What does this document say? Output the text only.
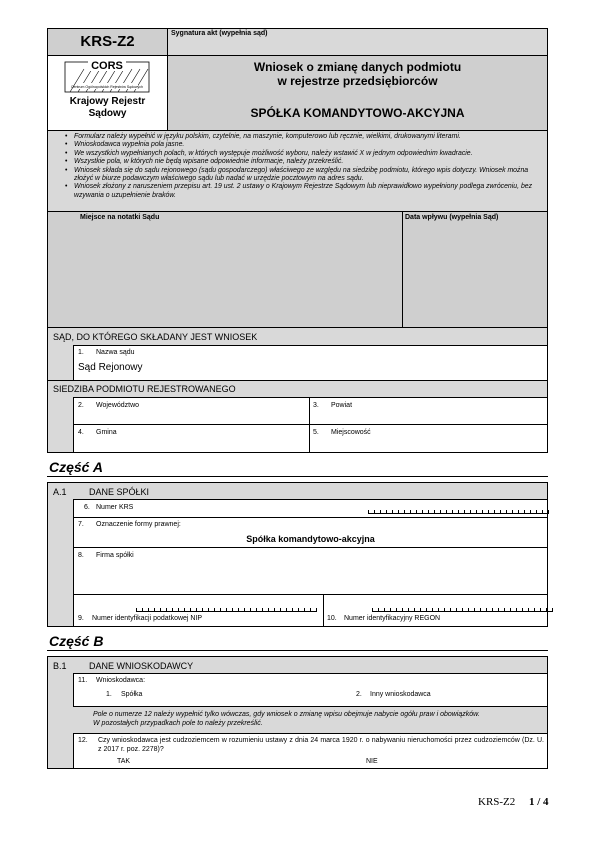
KRS-Z2
CORS
Centrum Ogólnopolskich Rejestrów Sądowych
Krajowy Rejestr
Sądowy
Sygnatura akt (wypełnia sąd)
Wniosek o zmianę danych podmiotu
w rejestrze przedsiębiorców
SPÓŁKA KOMANDYTOWO-AKCYJNA
• Formularz należy wypełnić w języku polskim, czytelnie, na maszynie, komputerowo lub ręcznie, wielkimi, drukowanymi literami.
• Wnioskodawca wypełnia pola jasne.
• We wszystkich wypełnianych polach, w których występuje możliwość wyboru, należy wstawić X w jednym odpowiednim kwadracie.
• Wszystkie pola, w których nie będą wpisane odpowiednie informacje, należy przekreślić.
• Wniosek składa się do sądu rejonowego (sądu gospodarczego) właściwego ze względu na siedzibę podmiotu, którego wpis dotyczy. Wniosek można złożyć w biurze podawczym właściwego sądu lub nadać w urzędzie pocztowym na adres sądu.
• Wniosek złożony z naruszeniem przepisu art. 19 ust. 2 ustawy o Krajowym Rejestrze Sądowym lub nieprawidłowo wypełniony podlega zwróceniu, bez wzywania o uzupełnienie braków.
Miejsce na notatki Sądu	Data wpływu (wypełnia Sąd)
SĄD, DO KTÓREGO SKŁADANY JEST WNIOSEK
1. Nazwa sądu
Sąd Rejonowy
SIEDZIBA PODMIOTU REJESTROWANEGO
2. Województwo	3. Powiat
4. Gmina	5. Miejscowość
Część A
A.1 DANE SPÓŁKI
6. Numer KRS
7. Oznaczenie formy prawnej:
Spółka komandytowo-akcyjna
8. Firma spółki
9. Numer identyfikacji podatkowej NIP	10. Numer identyfikacyjny REGON
Część B
B.1 DANE WNIOSKODAWCY
11. Wnioskodawca:
1. Spółka	2. Inny wnioskodawca
Pole o numerze 12 należy wypełnić tylko wówczas, gdy wniosek o zmianę wpisu obejmuje nabycie ogółu praw i obowiązków.
W pozostałych przypadkach pole to należy przekreślić.
12. Czy wnioskodawca jest cudzoziemcem w rozumieniu ustawy z dnia 24 marca 1920 r. o nabywaniu nieruchomości przez cudzoziemców (Dz. U. z 2017 r. poz. 2278)?
TAK	NIE
KRS-Z2 1 / 4
